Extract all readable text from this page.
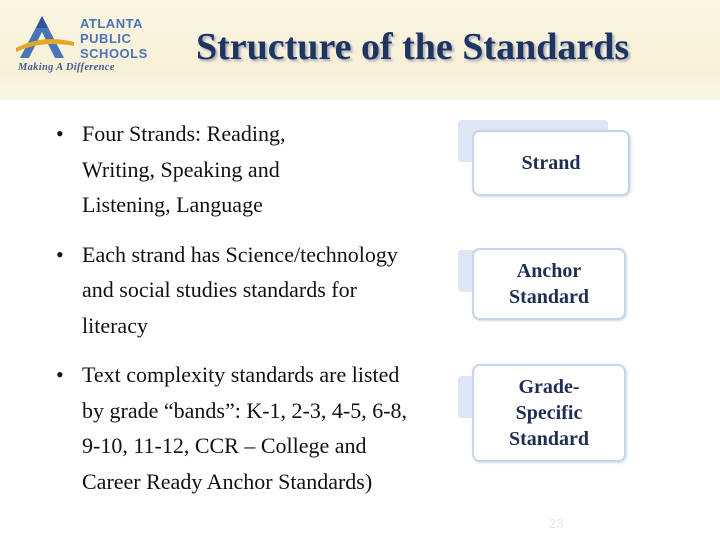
ATLANTA
PUBLIC
SCHOOLS
Making A Difference Structure of the Standards
• Four Strands: Reading, Writing, Speaking and Listening, Language
• Each strand has Science/technology and social studies standards for literacy
• Text complexity standards are listed by grade “bands”: K-1, 2-3, 4-5, 6-8, 9-10, 11-12, CCR – College and Career Ready Anchor Standards)
Strand
Anchor Standard
Grade-Specific Standard
23
